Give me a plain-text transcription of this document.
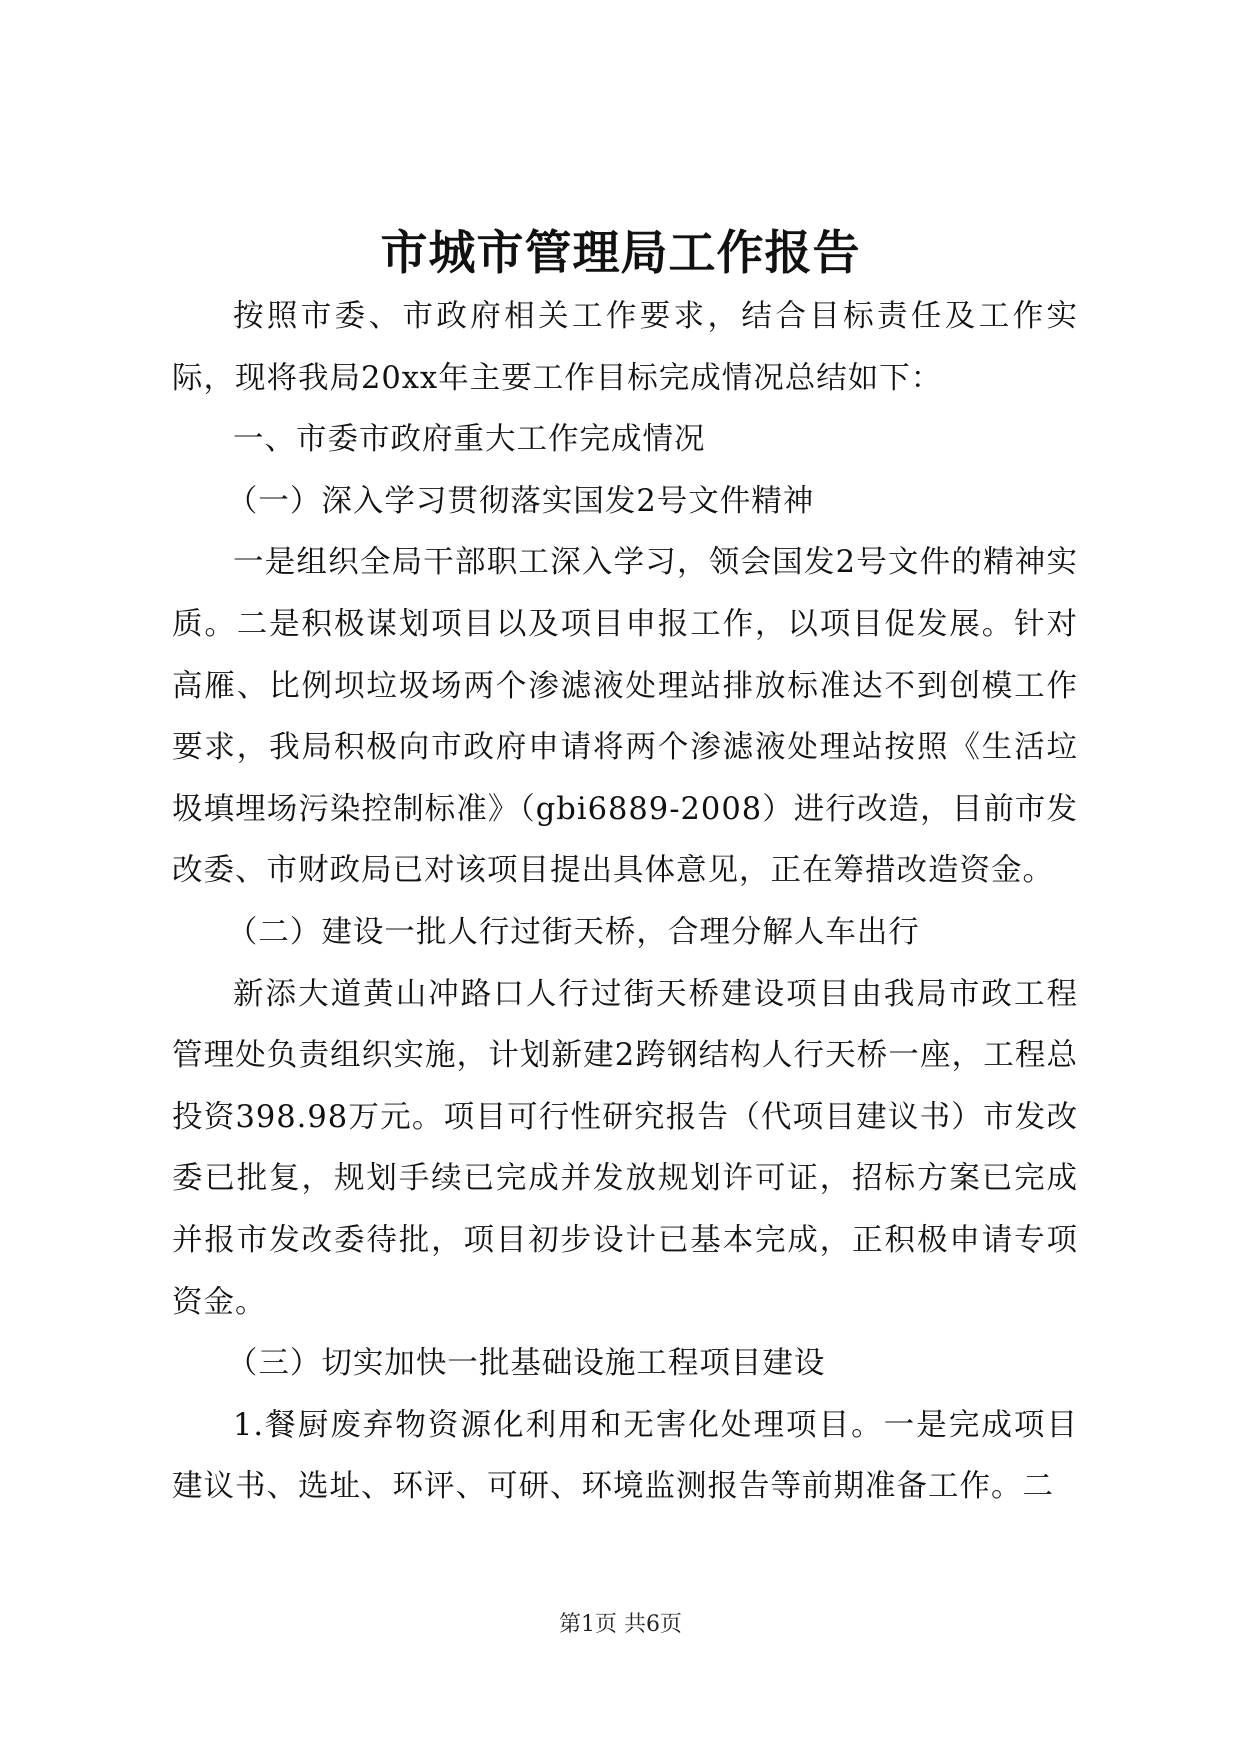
市城市管理局工作报告

按照市委、市政府相关工作要求，结合目标责任及工作实际，现将我局20xx年主要工作目标完成情况总结如下：

一、市委市政府重大工作完成情况

（一）深入学习贯彻落实国发2号文件精神

一是组织全局干部职工深入学习，领会国发2号文件的精神实质。二是积极谋划项目以及项目申报工作，以项目促发展。针对高雁、比例坝垃圾场两个渗滤液处理站排放标准达不到创模工作要求，我局积极向市政府申请将两个渗滤液处理站按照《生活垃圾填埋场污染控制标准》（gbi6889-2008）进行改造，目前市发改委、市财政局已对该项目提出具体意见，正在筹措改造资金。

（二）建设一批人行过街天桥，合理分解人车出行

新添大道黄山冲路口人行过街天桥建设项目由我局市政工程管理处负责组织实施，计划新建2跨钢结构人行天桥一座，工程总投资398.98万元。项目可行性研究报告（代项目建议书）市发改委已批复，规划手续已完成并发放规划许可证，招标方案已完成并报市发改委待批，项目初步设计已基本完成，正积极申请专项资金。

（三）切实加快一批基础设施工程项目建设

1.餐厨废弃物资源化利用和无害化处理项目。一是完成项目建议书、选址、环评、可研、环境监测报告等前期准备工作。二

第1页 共6页
